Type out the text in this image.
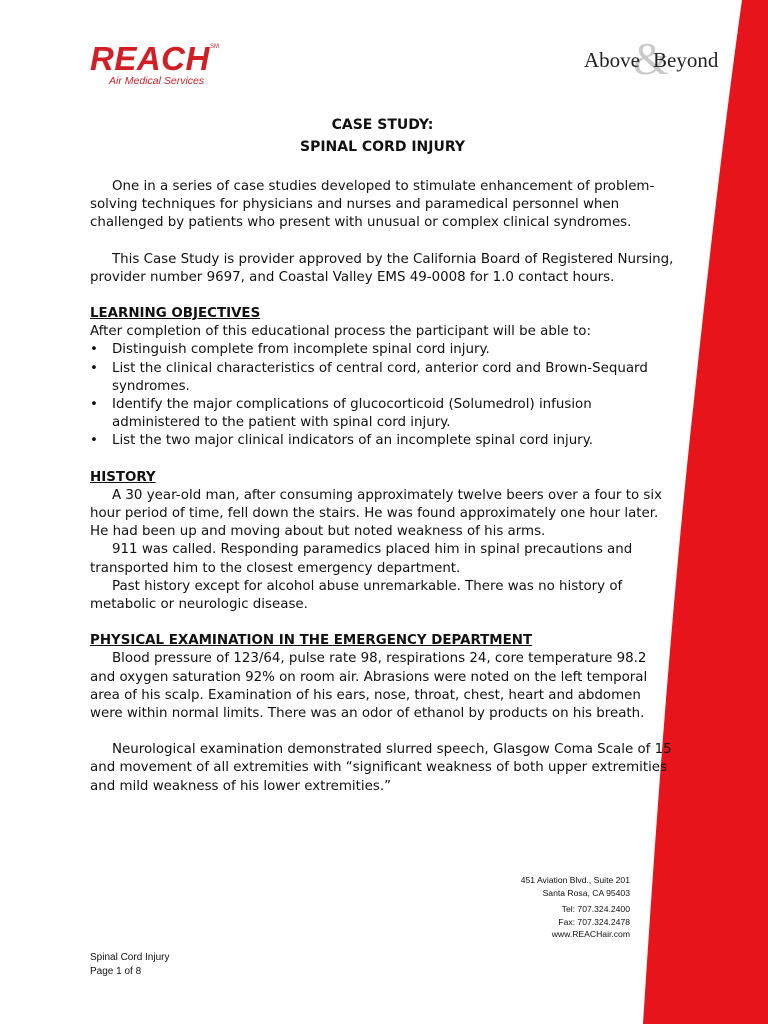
REACH SM
Air Medical Services	&
Above Beyond
CASE STUDY:
SPINAL CORD INJURY

One in a series of case studies developed to stimulate enhancement of problem-solving techniques for physicians and nurses and paramedical personnel when challenged by patients who present with unusual or complex clinical syndromes.

This Case Study is provider approved by the California Board of Registered Nursing, provider number 9697, and Coastal Valley EMS 49-0008 for 1.0 contact hours.

LEARNING OBJECTIVES

After completion of this educational process the participant will be able to:

• Distinguish complete from incomplete spinal cord injury.
• List the clinical characteristics of central cord, anterior cord and Brown-Sequard syndromes.
• Identify the major complications of glucocorticoid (Solumedrol) infusion administered to the patient with spinal cord injury.
• List the two major clinical indicators of an incomplete spinal cord injury.
HISTORY

A 30 year-old man, after consuming approximately twelve beers over a four to six hour period of time, fell down the stairs. He was found approximately one hour later. He had been up and moving about but noted weakness of his arms.

911 was called. Responding paramedics placed him in spinal precautions and transported him to the closest emergency department.

Past history except for alcohol abuse unremarkable. There was no history of metabolic or neurologic disease.

PHYSICAL EXAMINATION IN THE EMERGENCY DEPARTMENT

Blood pressure of 123/64, pulse rate 98, respirations 24, core temperature 98.2 and oxygen saturation 92% on room air. Abrasions were noted on the left temporal area of his scalp. Examination of his ears, nose, throat, chest, heart and abdomen were within normal limits. There was an odor of ethanol by products on his breath.

Neurological examination demonstrated slurred speech, Glasgow Coma Scale of 15 and movement of all extremities with “significant weakness of both upper extremities and mild weakness of his lower extremities.”

451 Aviation Blvd., Suite 201
Santa Rosa, CA 95403
Tel: 707.324.2400
Fax: 707.324.2478
www.REACHair.com
Spinal Cord Injury
Page 1 of 8
